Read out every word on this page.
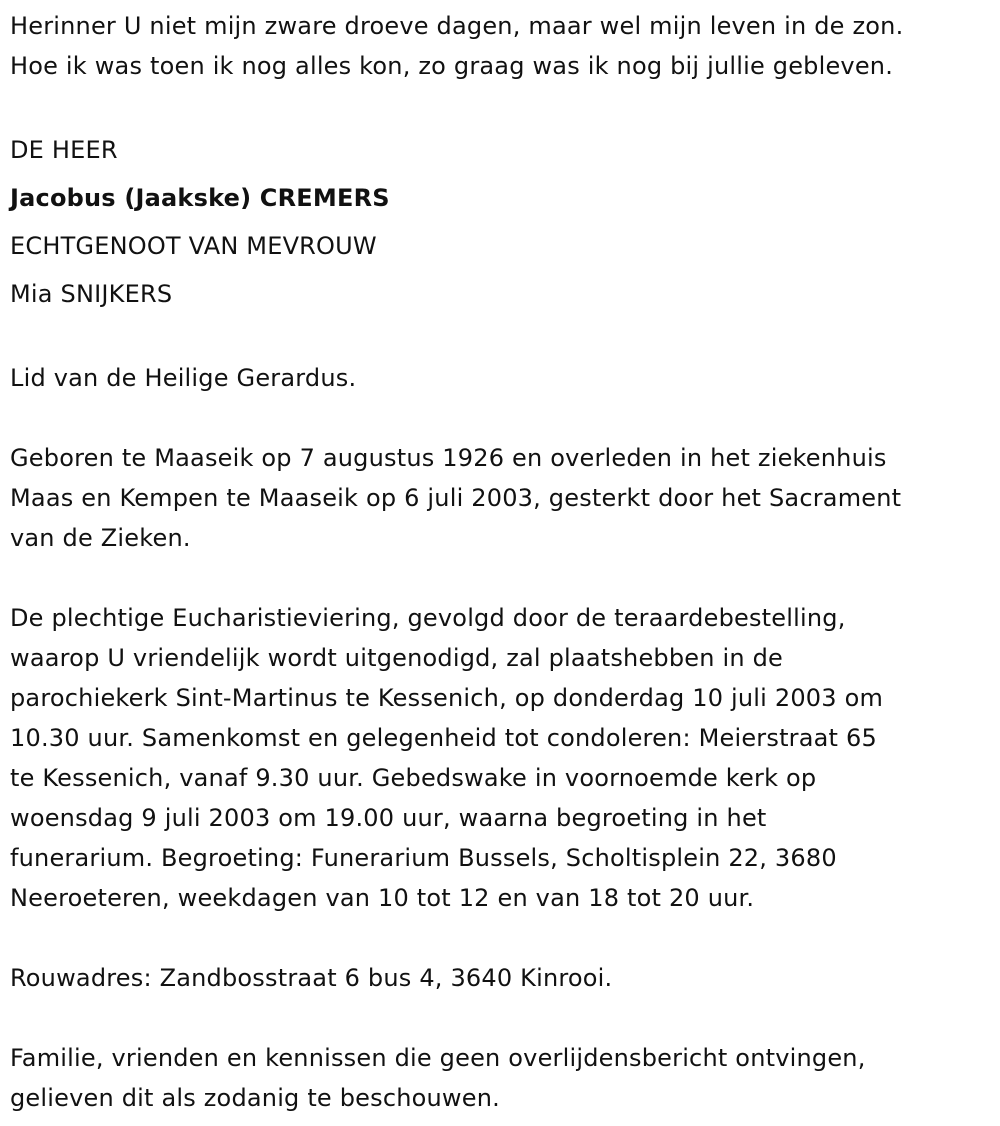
Herinner U niet mijn zware droeve dagen, maar wel mijn leven in de zon.
Hoe ik was toen ik nog alles kon, zo graag was ik nog bij jullie gebleven.
DE HEER
Jacobus (Jaakske) CREMERS
ECHTGENOOT VAN MEVROUW
Mia SNIJKERS
Lid van de Heilige Gerardus.
Geboren te Maaseik op 7 augustus 1926 en overleden in het ziekenhuis
Maas en Kempen te Maaseik op 6 juli 2003, gesterkt door het Sacrament
van de Zieken.
De plechtige Eucharistieviering, gevolgd door de teraardebestelling,
waarop U vriendelijk wordt uitgenodigd, zal plaatshebben in de
parochiekerk Sint-Martinus te Kessenich, op donderdag 10 juli 2003 om
10.30 uur. Samenkomst en gelegenheid tot condoleren: Meierstraat 65
te Kessenich, vanaf 9.30 uur. Gebedswake in voornoemde kerk op
woensdag 9 juli 2003 om 19.00 uur, waarna begroeting in het
funerarium. Begroeting: Funerarium Bussels, Scholtisplein 22, 3680
Neeroeteren, weekdagen van 10 tot 12 en van 18 tot 20 uur.
Rouwadres: Zandbosstraat 6 bus 4, 3640 Kinrooi.
Familie, vrienden en kennissen die geen overlijdensbericht ontvingen,
gelieven dit als zodanig te beschouwen.
